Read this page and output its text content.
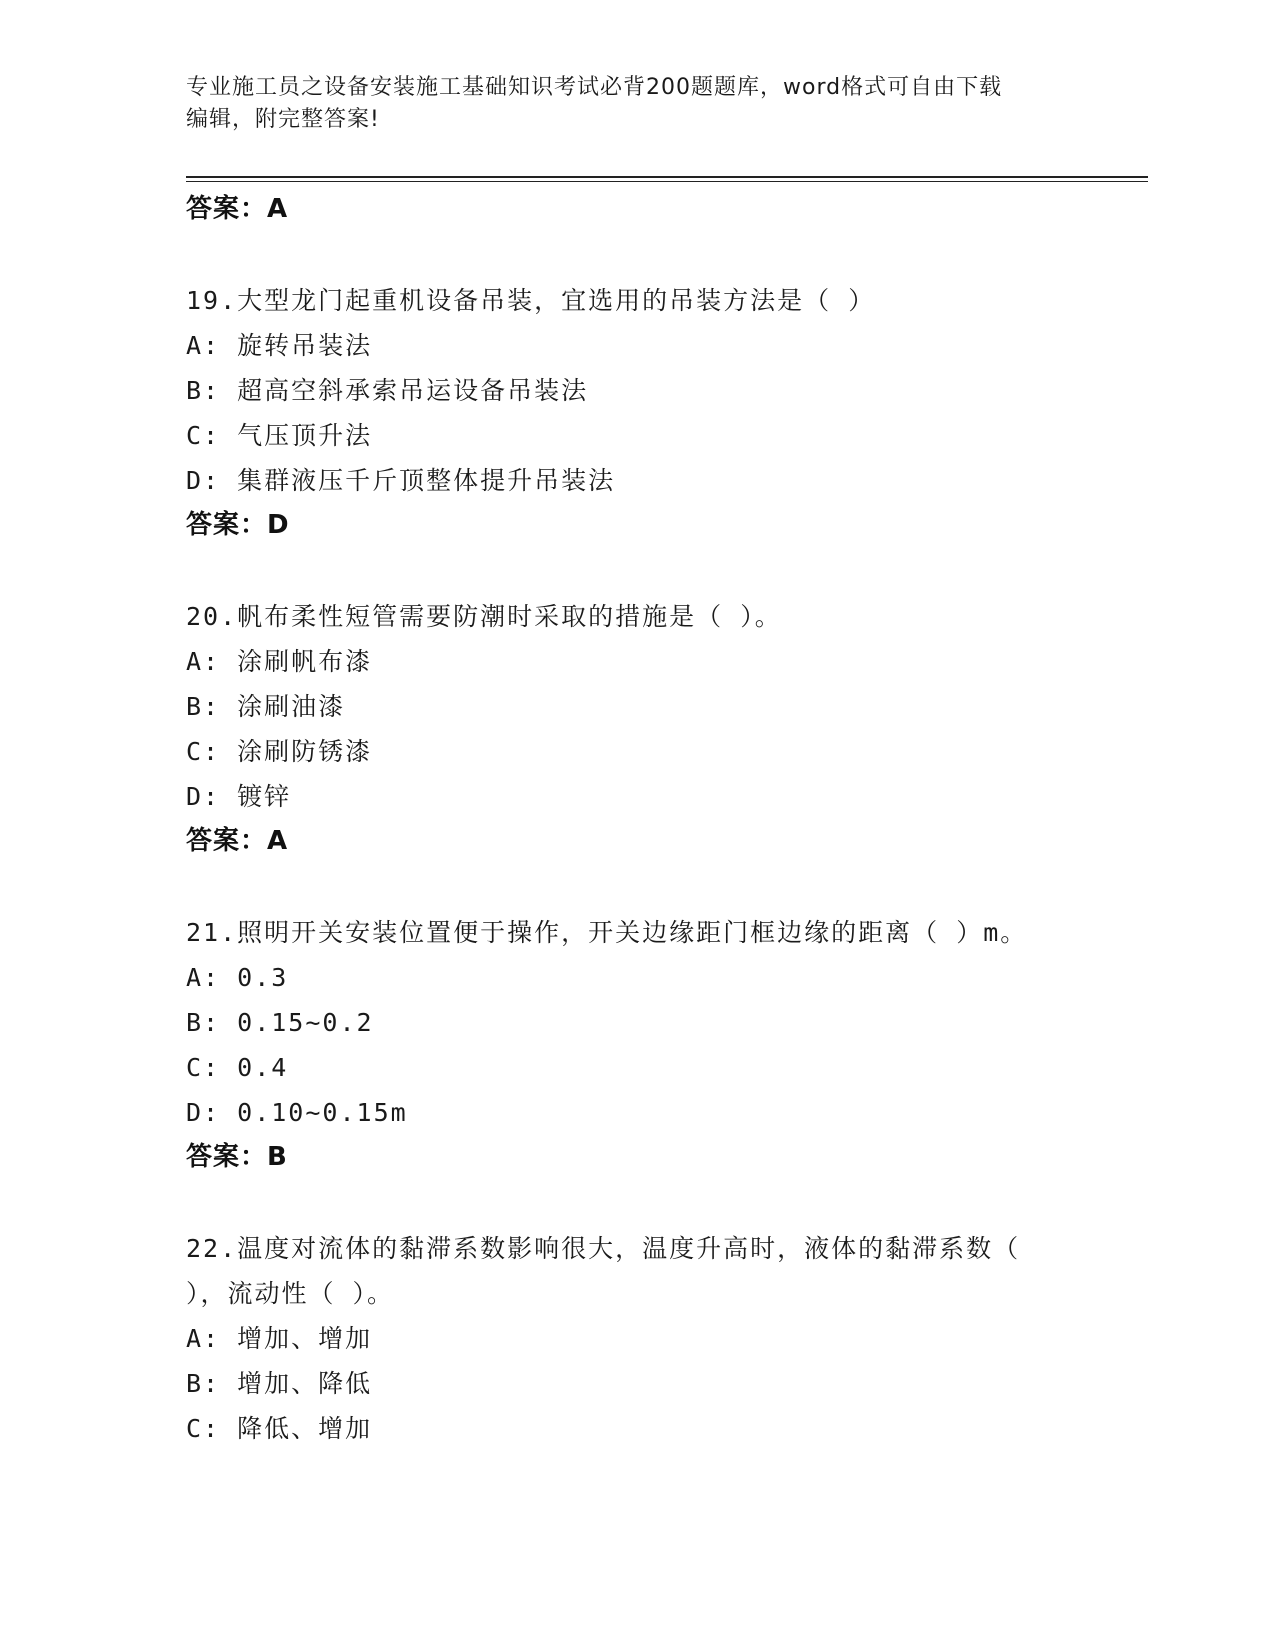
专业施工员之设备安装施工基础知识考试必背200题题库，word格式可自由下载
编辑，附完整答案!
答案：A
19.大型龙门起重机设备吊装，宜选用的吊装方法是（ ）
A: 旋转吊装法
B: 超高空斜承索吊运设备吊装法
C: 气压顶升法
D: 集群液压千斤顶整体提升吊装法
答案：D
20.帆布柔性短管需要防潮时采取的措施是（ ）。
A: 涂刷帆布漆
B: 涂刷油漆
C: 涂刷防锈漆
D: 镀锌
答案：A
21.照明开关安装位置便于操作，开关边缘距门框边缘的距离（ ）m。
A: 0.3
B: 0.15~0.2
C: 0.4
D: 0.10~0.15m
答案：B
22.温度对流体的黏滞系数影响很大，温度升高时，液体的黏滞系数（
），流动性（ ）。
A: 增加、增加
B: 增加、降低
C: 降低、增加
